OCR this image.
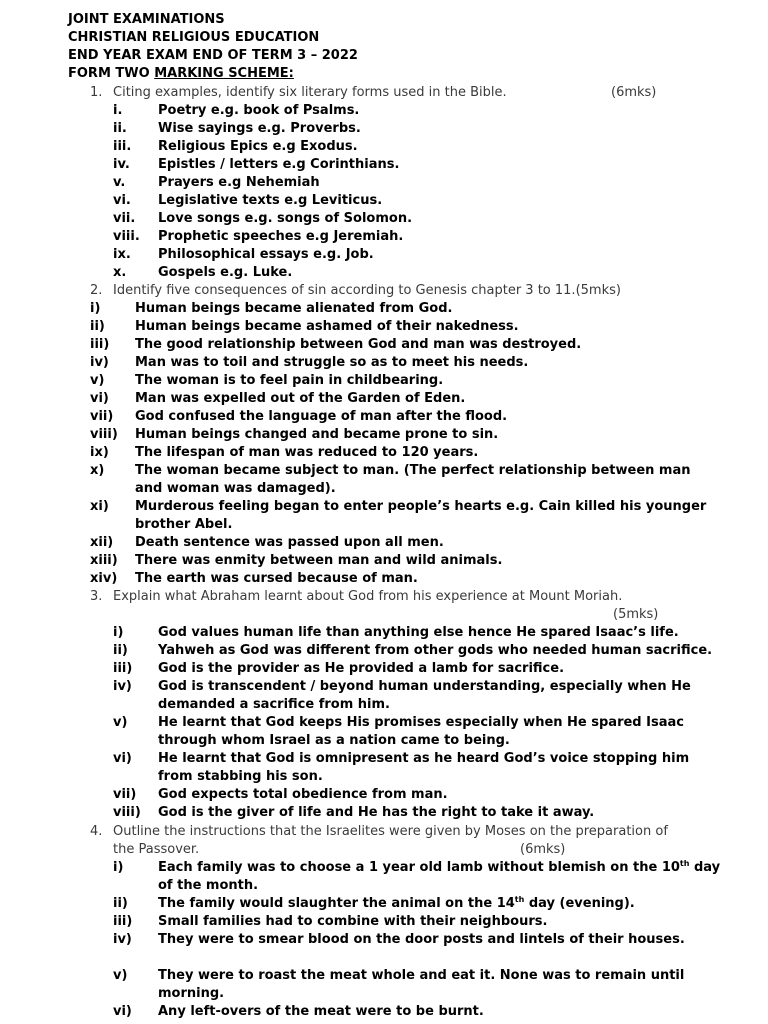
JOINT EXAMINATIONS
CHRISTIAN RELIGIOUS EDUCATION
END YEAR EXAM END OF TERM 3 – 2022
FORM TWO MARKING SCHEME:
1. Citing examples, identify six literary forms used in the Bible.	(6mks)
i.	Poetry e.g. book of Psalms.
ii. Wise sayings e.g. Proverbs.
iii. Religious Epics e.g Exodus.
iv. Epistles / letters e.g Corinthians.
v.	Prayers e.g Nehemiah
vi. Legislative texts e.g Leviticus.
vii. Love songs e.g. songs of Solomon.
viii. Prophetic speeches e.g Jeremiah.
ix. Philosophical essays e.g. Job.
x. Gospels e.g. Luke.
2. Identify five consequences of sin according to Genesis chapter 3 to 11.(5mks)
i)	Human beings became alienated from God.
ii) Human beings became ashamed of their nakedness.
iii) The good relationship between God and man was destroyed.
iv) Man was to toil and struggle so as to meet his needs.
v) The woman is to feel pain in childbearing.
vi) Man was expelled out of the Garden of Eden.
vii) God confused the language of man after the flood.
viii) Human beings changed and became prone to sin.
ix) The lifespan of man was reduced to 120 years.
x) The woman became subject to man. (The perfect relationship between man
and woman was damaged).
xi) Murderous feeling began to enter people’s hearts e.g. Cain killed his younger
brother Abel.
xii) Death sentence was passed upon all men.
xiii) There was enmity between man and wild animals.
xiv) The earth was cursed because of man.
3. Explain what Abraham learnt about God from his experience at Mount Moriah.
(5mks)
i)	God values human life than anything else hence He spared Isaac’s life.
ii) Yahweh as God was different from other gods who needed human sacrifice.
iii) God is the provider as He provided a lamb for sacrifice.
iv) God is transcendent / beyond human understanding, especially when He
demanded a sacrifice from him.
v) He learnt that God keeps His promises especially when He spared Isaac
through whom Israel as a nation came to being.
vi) He learnt that God is omnipresent as he heard God’s voice stopping him
from stabbing his son.
vii) God expects total obedience from man.
viii) God is the giver of life and He has the right to take it away.
4. Outline the instructions that the Israelites were given by Moses on the preparation of
the Passover.	(6mks)
i)	Each family was to choose a 1 year old lamb without blemish on the 10th day
of the month.
ii) The family would slaughter the animal on the 14th day (evening).
iii) Small families had to combine with their neighbours.
iv) They were to smear blood on the door posts and lintels of their houses.
v) They were to roast the meat whole and eat it. None was to remain until
morning.
vi) Any left-overs of the meat were to be burnt.
